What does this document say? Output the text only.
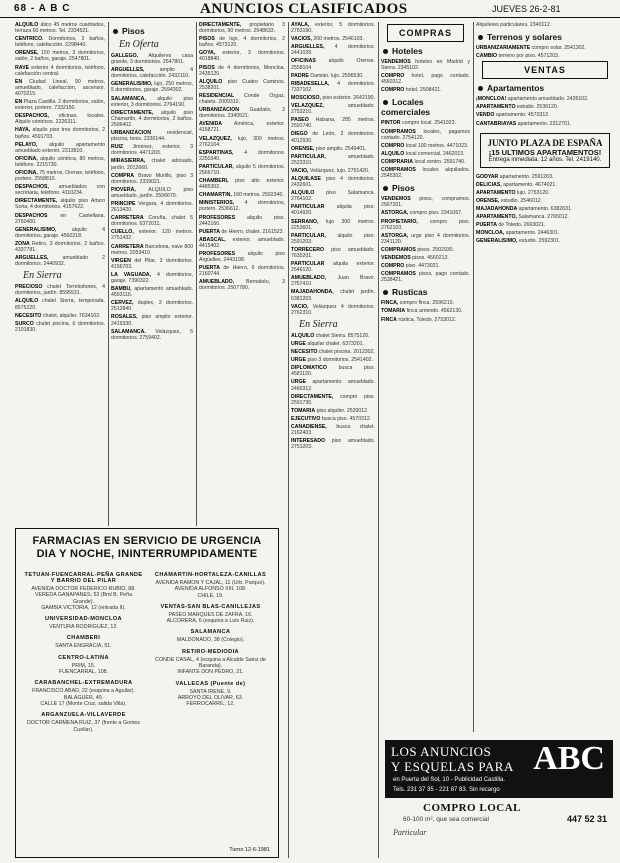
68 - A B C	ANUNCIOS CLASIFICADOS	JUEVES 26-2-81
ALQUILO ático 45 metros cuadrados, terraza 60 metros. Tel. 2334521.
CENTRICO. Dormitorios, 2 baños, teléfono, calefacción. 2298440.
ORENSE, 150 metros, 3 dormitorios, salón, 2 baños, garaje. 2547801.
RAVE exterior 4 dormitorios, teléfono, calefacción central.
EN Ciudad Lineal, 90 metros, amueblado, calefacción, ascensor. 4070215.
EN Plaza Castilla. 2 dormitorios, salón, exterior, portero. 7332150.
DESPACHOS, oficinas, locales. Alquilo céntricos. 2226311.
HAYA, alquilo piso tres dormitorios, 2 baños. 4591703.
PELAYO, alquilo apartamento amueblado exterior. 2313810.
OFICINA, alquilo céntrica, 80 metros, teléfono. 2215730.
OFICINA, 75 metros, Orense, teléfono, portero. 2558810.
DESPACHOS, amueblados con secretaria, teléfono. 4110234.
DIRECTAMENTE, alquilo piso Arturo Soria, 4 dormitorios. 4157622.
DESPACHOS en Castellana. 2760400.
GENERALISIMO,	alquilo 4 dormitorios, garaje. 4560218.
ZONA Retiro, 3 dormitorios, 2 baños. 4337781.
ARGUELLES,	amueblado 2 dormitorios. 2440932.
En Sierra
PRECIOSO chalet Torrelodones, 4 dormitorios, jardín. 8595531.
ALQUILO chalet Sierra, temporada. 8575220.
NECESITO chalet, alquiler. 7634102.
SURCO chalet piscina, 6 dormitorios. 2101830.
Pisos
En Oferta
GALLEGO, Alquileres casa grande, 3 dormitorios. 2547801.
ARGUELLES,	amplio 4 dormitorios, calefacción. 2432110.
GENERALISIMO, lujo, 250 metros, 5 dormitorios, garaje. 2594302.
SALAMANCA, alquilo piso exterior, 3 dormitorios. 2764190.
DIRECTAMENTE, alquilo piso Chamartín, 4 dormitorios, 2 baños. 2596402.
URBANIZACION	residencial, piscina, tenis. 2330144.
RUIZ Jiménez, exterior, 3 dormitorios. 4471203.
MIRASIERRA, chalet adosado, jardín. 2012660.
COMPRA Bravo Murillo, piso 3 dormitorios. 2339021.
PIOVERA, ALQUILO piso amueblado, jardín. 2506670.
PRINCIPE Vergara, 4 dormitorios. 2613420.
CARRETERA Coruña, chalet 5 dormitorios. 6372011.
CUELLO, exterior, 120 metros. 2751432.
CARRETERA Barcelona, nave 800 metros. 2053410.
VIRGEN del Pilar, 3 dormitorios. 4156703.
LA VAGUADA, 4 dormitorios, garaje. 7390322.
BAMBU, apartamento amueblado. 4593116.
CERVEZ, duplex, 3 dormitorios. 2512840.
ROSALES, piso amplio exterior. 2419330.
SALAMANCA. Velázquez, 5 dormitorios. 2759402.
DIRECTAMENTE, propietario 3 dormitorios, 90 metros. 2548633.
PISOS de lujo, 4 dormitorios, 2 baños. 4573120.
GOYA, exterior, 3 dormitorios. 4018840.
PISOS de 4 dormitorios, Moncloa. 2435120.
ALQUILO piso Cuatro Caminos. 2538201.
RESIDENCIAL Conde Orgaz, chalets. 2009310.
URBANIZACION Guadalix, 2 dormitorios. 2340521.
AVENIDA América, exterior. 4158721.
VELAZQUEZ, lujo, 300 metros. 2762104.
ESPARTINAS, 4 dormitorios. 2250340.
PARTICULAR, alquilo 5 dormitorios. 2566710.
CHAMBERI, piso alto exterior. 4485302.
CHAMARTIN, 160 metros. 2592340.
MINISTERIOS, 4 dormitorios, portero. 2536612.
PROFESORES alquilo piso. 2442160.
PUERTA de Hierro, chalet. 2161523.
ABASCAL, exterior, amueblado. 4415402.
PROFESORES alquilo piso Argüelles. 2443108.
PUERTA de Hierro, 6 dormitorios. 2160744.
AMUEBLADO, Bernabéu, 3 dormitorios. 2507780.
AYALA, exterior, 5 dormitorios. 2763190.
VACIOS, 200 metros. 2546103.
ARGUELLES, 4 dormitorios. 2441028.
OFICINAS alquilo Orense. 2558104.
PADRE Damián, lujo. 2596530.
RIBADESELLA, 4 dormitorios. 7337102.
MOSCIOSO, piso exterior. 2642190.
VELAZQUEZ,	amueblado. 2753210.
PASEO Habana, 285 metros. 2591740.
DIEGO de León, 3 dormitorios. 4012930.
ORENSE, piso amplio. 2549401.
PARTICULAR,	amueblado. 2523310.
VACIO, Velázquez, lujo. 2751420.
ALQUILASE piso 4 dormitorios. 2432601.
ALQUILO piso Salamanca. 2764102.
PARTICULAR alquila piso. 4014920.
SERRANO, lujo 300 metros. 2253601.
PARTICULAR, alquilo piso. 2591203.
TORRECERO piso amueblado. 7635201.
PARTICULAR alquila exterior. 2546120.
AMUEBLADO, Juan Bravo. 2757410.
MAJADAHONDA, chalet jardín. 6381203.
VACIO, Velázquez 4 dormitorios. 2762310.
En Sierra
ALQUILO chalet Sierra. 8575120.
URGE alquilar chalet. 6373201.
NECESITO chalet piscina. 2012302.
URGE piso 3 dormitorios. 2541402.
DIPLOMATICO busca piso. 4581120.
URGE apartamento amueblado. 2460312.
DIRECTAMENTE, compro piso. 2591730.
TOMARIA piso alquiler. 2539012.
EJECUTIVO busca piso. 4570312.
CANADIENSE, busca chalet. 2162403.
INTERESADO piso amueblado. 2751203.
COMPRAS
Hoteles
VENDEMOS hoteles en Madrid y Sierra. 2345102.
COMPRO hotel, pago contado. 4560312.
COMPRO hotel, 2508421.
Locales comerciales
PINTOR compro local. 2541023.
COMPRAMOS locales, pagamos contado. 2754120.
COMPRO local 100 metros. 4471023.
ALQUILO local comercial. 2462013.
COMPRARIA local centro. 2591740.
COMPRAMOS locales alquilados. 2545302.
Pisos
VENDEMOS pisos, compramos. 2567201.
ASTORGA, compro piso. 2341067.
PROPIETARIO, compro piso. 2762103.
ASTORGA, urge piso 4 dormitorios. 2341120.
COMPRAMOS pisos. 2502930.
VENDEMOS pisos. 4560213.
COMPRO piso. 4473021.
COMPRAMOS pisos, pago contado. 2538421.
Rusticas
FINCA, compro finca. 2596210.
TOMARIA finca arriendo. 4562130.
FINCA rústica, Toledo. 2753012.
Alquileres particulares. 2340112.
Terrenos y solares
URBANIZARIAMENTE compro solar. 2541302.
CAMBIO terreno por piso. 4571203.
VENTAS
Apartamentos
¡MONCLOA! apartamento amueblado. 2435102.
APARTAMENTO estudio. 2536120.
VENDO apartamento. 4570312.
CANTABRIAYAS apartamento. 2312701.
JUNTO PLAZA DE ESPAÑA
¡15 ULTIMOS APARTAMENTOS!
Entrega inmediata. 12 años. Tel. 2419140.
GODYAR apartamento. 2591203.
DELICIAS, apartamento. 4674021.
APARTAMENTO lujo. 2753120.
ORENSE, estudio. 2546012.
MAJADAHONDA apartamento. 6382031.
APARTAMENTO, Salamanca. 2765012.
PUERTA de Toledo. 2663021.
MONCLOA, apartamento. 2446301.
GENERALISIMO, estudio. 2592301.
FARMACIAS EN SERVICIO DE URGENCIA DIA Y NOCHE, ININTERRUMPIDAMENTE
TETUAN-FUENCARRAL-PEÑA GRANDE Y BARRIO DEL PILAR
AVENIDA DOCTOR FEDERICO RUBIO, 88.
VEREDA GANAPANES, 53 (Bml B, Peña Grande).
GAMBIA VICTORIA, 12 (entrada II).
UNIVERSIDAD-MONCLOA
VENTURA RODRIGUEZ, 12.
CHAMBERI
SANTA ENGRACIA, 51.
CENTRO-LATINA
PRIM, 15.
FUENCARRAL, 108.
CARABANCHEL-EXTREMADURA
FRANCISCO ABAD, 22 (esquina a Aguilar).
BALAGUER, 40.
CALLE 17 (Monte Cruz, salida Villa).
ARGANZUELA-VILLAVERDE
DOCTOR CARMENA RUIZ, 37 (frente a Gomez Cuellar).
CHAMARTIN-HORTALEZA-CANILLAS
AVENIDA RAMON Y CAJAL, 11 (Urb. Parque).
AVENIDA ALFONSO XIII, 108.
CHILE, 19.
VENTAS-SAN BLAS-CANILLEJAS
PASEO MARQUES DE ZAFRA, 16.
ALCORERA, 6 (esquina a Luis Ruiz).
SALAMANCA
MALDONADO, 38 (Colegio).
RETIRO-MEDIODIA
CONDE CASAL, 4 (esquina a Alcalde Sainz de Baranda).
INFANTE DON PEDRO, 21.
VALLECAS (Puente de)
SANTA IRENE, 9.
ARROYO DEL OLIVAR, 63.
FERROCARRIL, 12.
Turno 12-6-1981
LOS ANUNCIOS
Y ESQUELAS PARA ABC
en Puerta del Sol, 10 - Publicidad Castilla.
Tels. 231 37 35 - 221 87 83. Sin recargo
COMPRO LOCAL
60-100 m², que sea comercial	447 52 31
Particular
